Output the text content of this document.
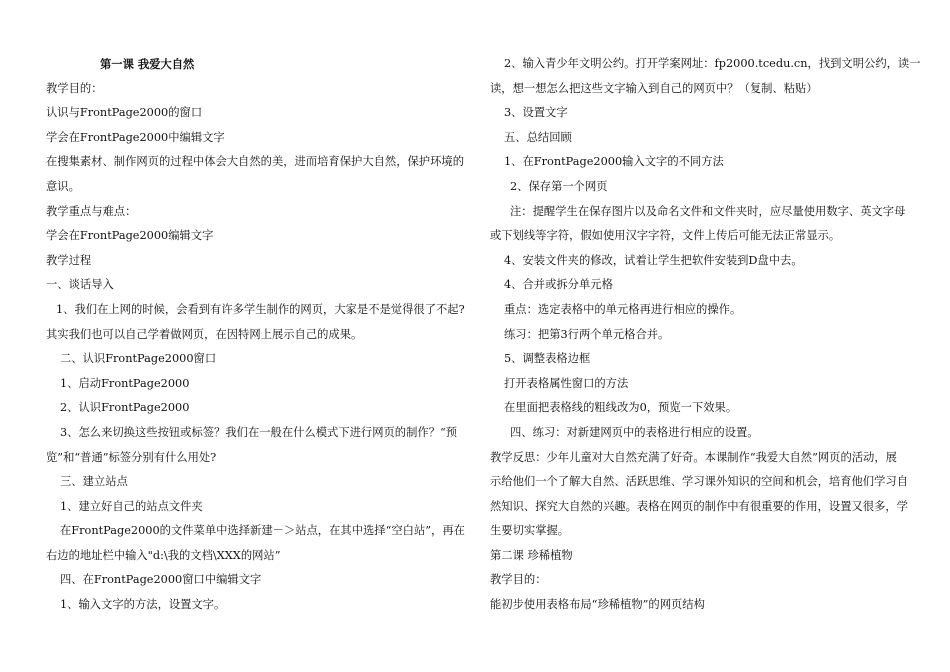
第一课 我爱大自然
教学目的：
认识与FrontPage2000的窗口
学会在FrontPage2000中编辑文字
在搜集素材、制作网页的过程中体会大自然的美，进而培育保护大自然，保护环境的
意识。
教学重点与难点：
学会在FrontPage2000编辑文字
教学过程
一、谈话导入
1、我们在上网的时候，会看到有许多学生制作的网页，大家是不是觉得很了不起?
其实我们也可以自己学着做网页，在因特网上展示自己的成果。
二、认识FrontPage2000窗口
1、启动FrontPage2000
2、认识FrontPage2000
3、怎么来切换这些按钮或标签？我们在一般在什么模式下进行网页的制作？“预
览”和“普通”标签分别有什么用处?
三、建立站点
1、建立好自己的站点文件夹
在FrontPage2000的文件菜单中选择新建－＞站点，在其中选择“空白站”，再在
右边的地址栏中输入"d:\我的文档\XXX的网站”
四、在FrontPage2000窗口中编辑文字
1、输入文字的方法，设置文字。
2、输入青少年文明公约。打开学案网址：fp2000.tcedu.cn，找到文明公约，读一
读，想一想怎么把这些文字输入到自己的网页中？（复制、粘贴）
3、设置文字
五、总结回顾
1、在FrontPage2000输入文字的不同方法
2、保存第一个网页
注：提醒学生在保存图片以及命名文件和文件夹时，应尽量使用数字、英文字母
或下划线等字符，假如使用汉字字符，文件上传后可能无法正常显示。
4、安装文件夹的修改，试着让学生把软件安装到D盘中去。
4、合并或拆分单元格
重点：选定表格中的单元格再进行相应的操作。
练习：把第3行两个单元格合并。
5、调整表格边框
打开表格属性窗口的方法
在里面把表格线的粗线改为0，预览一下效果。
四、练习：对新建网页中的表格进行相应的设置。
教学反思：少年儿童对大自然充满了好奇。本课制作“我爱大自然”网页的活动，展
示给他们一个了解大自然、活跃思维、学习课外知识的空间和机会，培育他们学习自
然知识、探究大自然的兴趣。表格在网页的制作中有很重要的作用，设置又很多，学
生要切实掌握。
第二课 珍稀植物
教学目的：
能初步使用表格布局“珍稀植物”的网页结构
